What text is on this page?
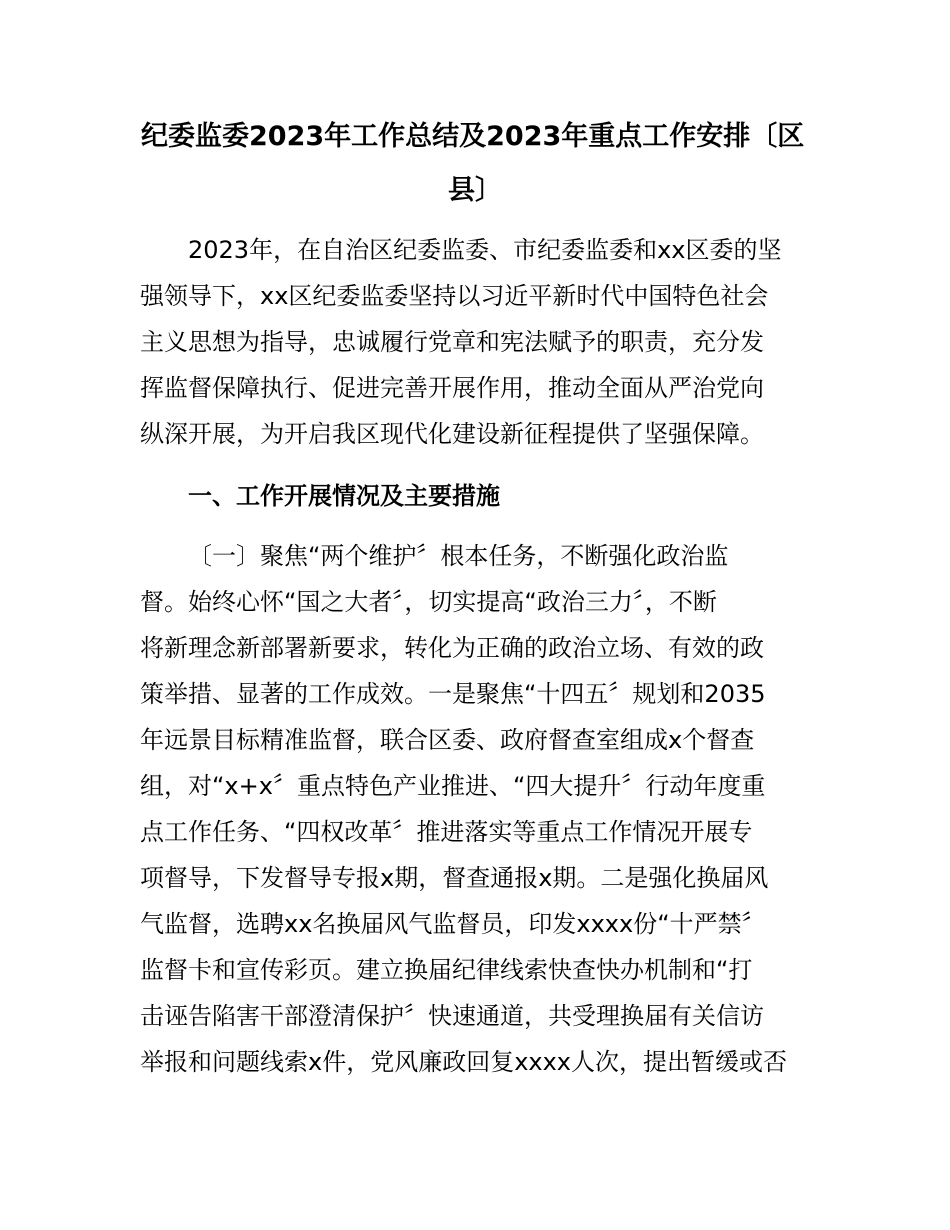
纪委监委2023年工作总结及2023年重点工作安排〔区
县〕

2023年，在自治区纪委监委、市纪委监委和xx区委的坚

强领导下，xx区纪委监委坚持以习近平新时代中国特色社会

主义思想为指导，忠诚履行党章和宪法赋予的职责，充分发

挥监督保障执行、促进完善开展作用，推动全面从严治党向

纵深开展，为开启我区现代化建设新征程提供了坚强保障。

一、工作开展情况及主要措施

〔一〕聚焦“两个维护〞根本任务，不断强化政治监

督。始终心怀“国之大者〞，切实提高“政治三力〞，不断

将新理念新部署新要求，转化为正确的政治立场、有效的政

策举措、显著的工作成效。一是聚焦“十四五〞规划和2035

年远景目标精准监督，联合区委、政府督查室组成x个督查

组，对“x+x〞重点特色产业推进、“四大提升〞行动年度重

点工作任务、“四权改革〞推进落实等重点工作情况开展专

项督导，下发督导专报x期，督查通报x期。二是强化换届风

气监督，选聘xx名换届风气监督员，印发xxxx份“十严禁〞

监督卡和宣传彩页。建立换届纪律线索快查快办机制和“打

击诬告陷害干部澄清保护〞快速通道，共受理换届有关信访

举报和问题线索x件，党风廉政回复xxxx人次，提出暂缓或否
